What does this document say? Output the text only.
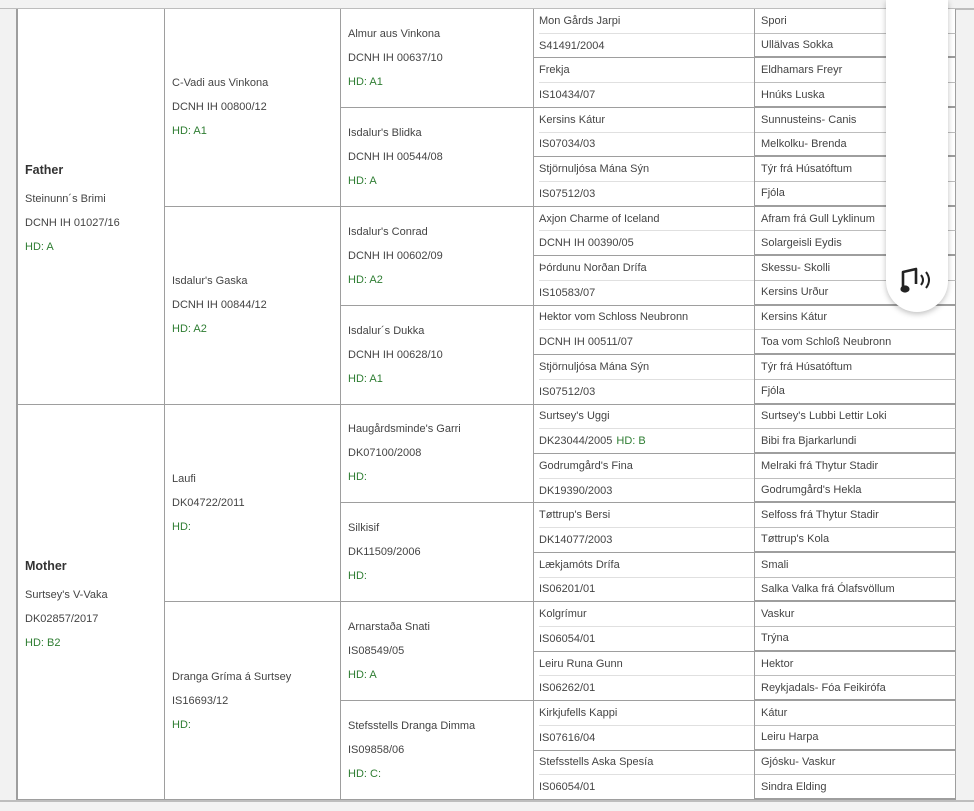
Father
Steinunn´s Brimi
DCNH IH 01027/16
HD: A
C-Vadi aus Vinkona
DCNH IH 00800/12
HD: A1
Almur aus Vinkona
DCNH IH 00637/10
HD: A1
Mon Gårds Jarpi
S41491/2004
Spori
Ullälvas Sokka
Frekja
IS10434/07
Eldhamars Freyr
Hnúks Luska
Isdalur's Blidka
DCNH IH 00544/08
HD: A
Kersins Kátur
IS07034/03
Sunnusteins- Canis
Melkolku- Brenda
Stjörnuljósa Mána Sýn
IS07512/03
Týr frá Húsatóftum
Fjóla
Isdalur's Gaska
DCNH IH 00844/12
HD: A2
Isdalur's Conrad
DCNH IH 00602/09
HD: A2
Axjon Charme of Iceland
DCNH IH 00390/05
Afram frá Gull Lyklinum
Solargeisli Eydis
Þórdunu Norðan Drífa
IS10583/07
Skessu- Skolli
Kersins Urður
Isdalur´s Dukka
DCNH IH 00628/10
HD: A1
Hektor vom Schloss Neubronn
DCNH IH 00511/07
Kersins Kátur
Toa vom Schloß Neubronn
Stjörnuljósa Mána Sýn
IS07512/03
Týr frá Húsatóftum
Fjóla
Mother
Surtsey's V-Vaka
DK02857/2017
HD: B2
Laufi
DK04722/2011
HD:
Haugårdsminde's Garri
DK07100/2008
HD:
Surtsey's Uggi
DK23044/2005 HD: B
Surtsey's Lubbi Lettir Loki
Bibi fra Bjarkarlundi
Godrumgård's Fina
DK19390/2003
Melraki frá Thytur Stadir
Godrumgård's Hekla
Silkisif
DK11509/2006
HD:
Tøttrup's Bersi
DK14077/2003
Selfoss frá Thytur Stadir
Tøttrup's Kola
Lækjamóts Drífa
IS06201/01
Smali
Salka Valka frá Ólafsvöllum
Dranga Gríma á Surtsey
IS16693/12
HD:
Arnarstaða Snati
IS08549/05
HD: A
Kolgrímur
IS06054/01
Vaskur
Trýna
Leiru Runa Gunn
IS06262/01
Hektor
Reykjadals- Fóa Feikirófa
Stefsstells Dranga Dimma
IS09858/06
HD: C:
Kirkjufells Kappi
IS07616/04
Kátur
Leiru Harpa
Stefsstells Aska Spesía
IS06054/01
Gjósku- Vaskur
Sindra Elding
